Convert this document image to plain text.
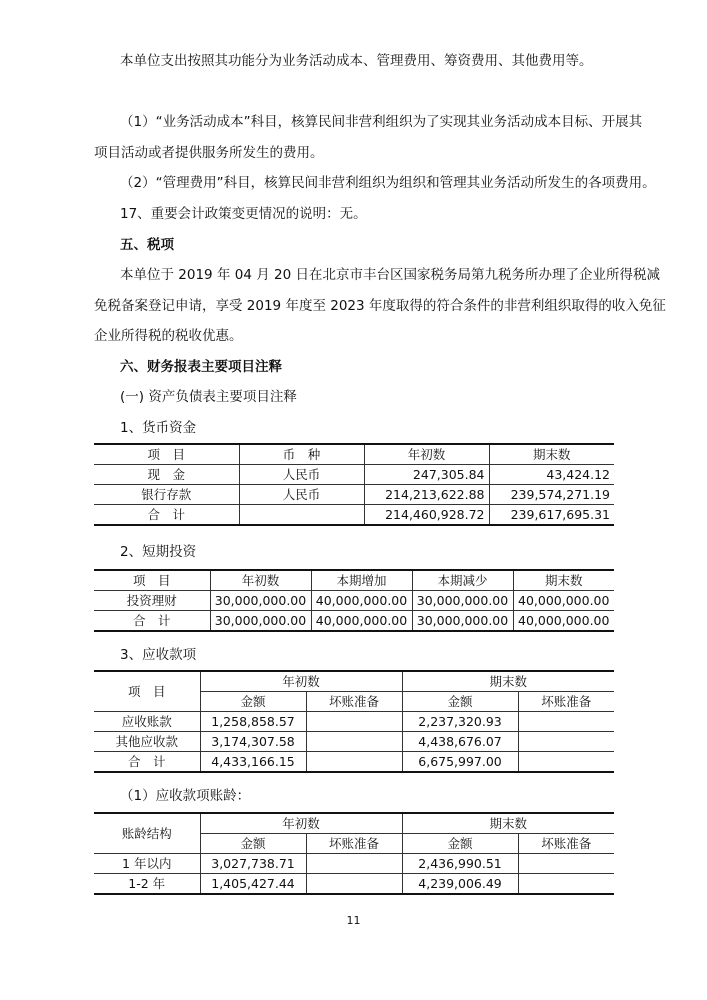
本单位支出按照其功能分为业务活动成本、管理费用、筹资费用、其他费用等。
（1）“业务活动成本”科目，核算民间非营利组织为了实现其业务活动成本目标、开展其
项目活动或者提供服务所发生的费用。
（2）“管理费用”科目，核算民间非营利组织为组织和管理其业务活动所发生的各项费用。
17、重要会计政策变更情况的说明：无。
五、税项
本单位于 2019 年 04 月 20 日在北京市丰台区国家税务局第九税务所办理了企业所得税减
免税备案登记申请，享受 2019 年度至 2023 年度取得的符合条件的非营利组织取得的收入免征
企业所得税的税收优惠。
六、财务报表主要项目注释
(一) 资产负债表主要项目注释
1、货币资金
项　目	币　种	年初数	期末数
现　金	人民币	247,305.84	43,424.12
银行存款	人民币	214,213,622.88	239,574,271.19
合　计		214,460,928.72	239,617,695.31
2、短期投资
项　目	年初数	本期增加	本期减少	期末数
投资理财	30,000,000.00	40,000,000.00	30,000,000.00	40,000,000.00
合　计	30,000,000.00	40,000,000.00	30,000,000.00	40,000,000.00
3、应收款项
项　目	年初数		期末数	
	金额	坏账准备	金额	坏账准备
应收账款	1,258,858.57		2,237,320.93	
其他应收款	3,174,307.58		4,438,676.07	
合　计	4,433,166.15		6,675,997.00	
（1）应收款项账龄：
账龄结构	年初数		期末数	
	金额	坏账准备	金额	坏账准备
1 年以内	3,027,738.71		2,436,990.51	
1-2 年	1,405,427.44		4,239,006.49	
11
